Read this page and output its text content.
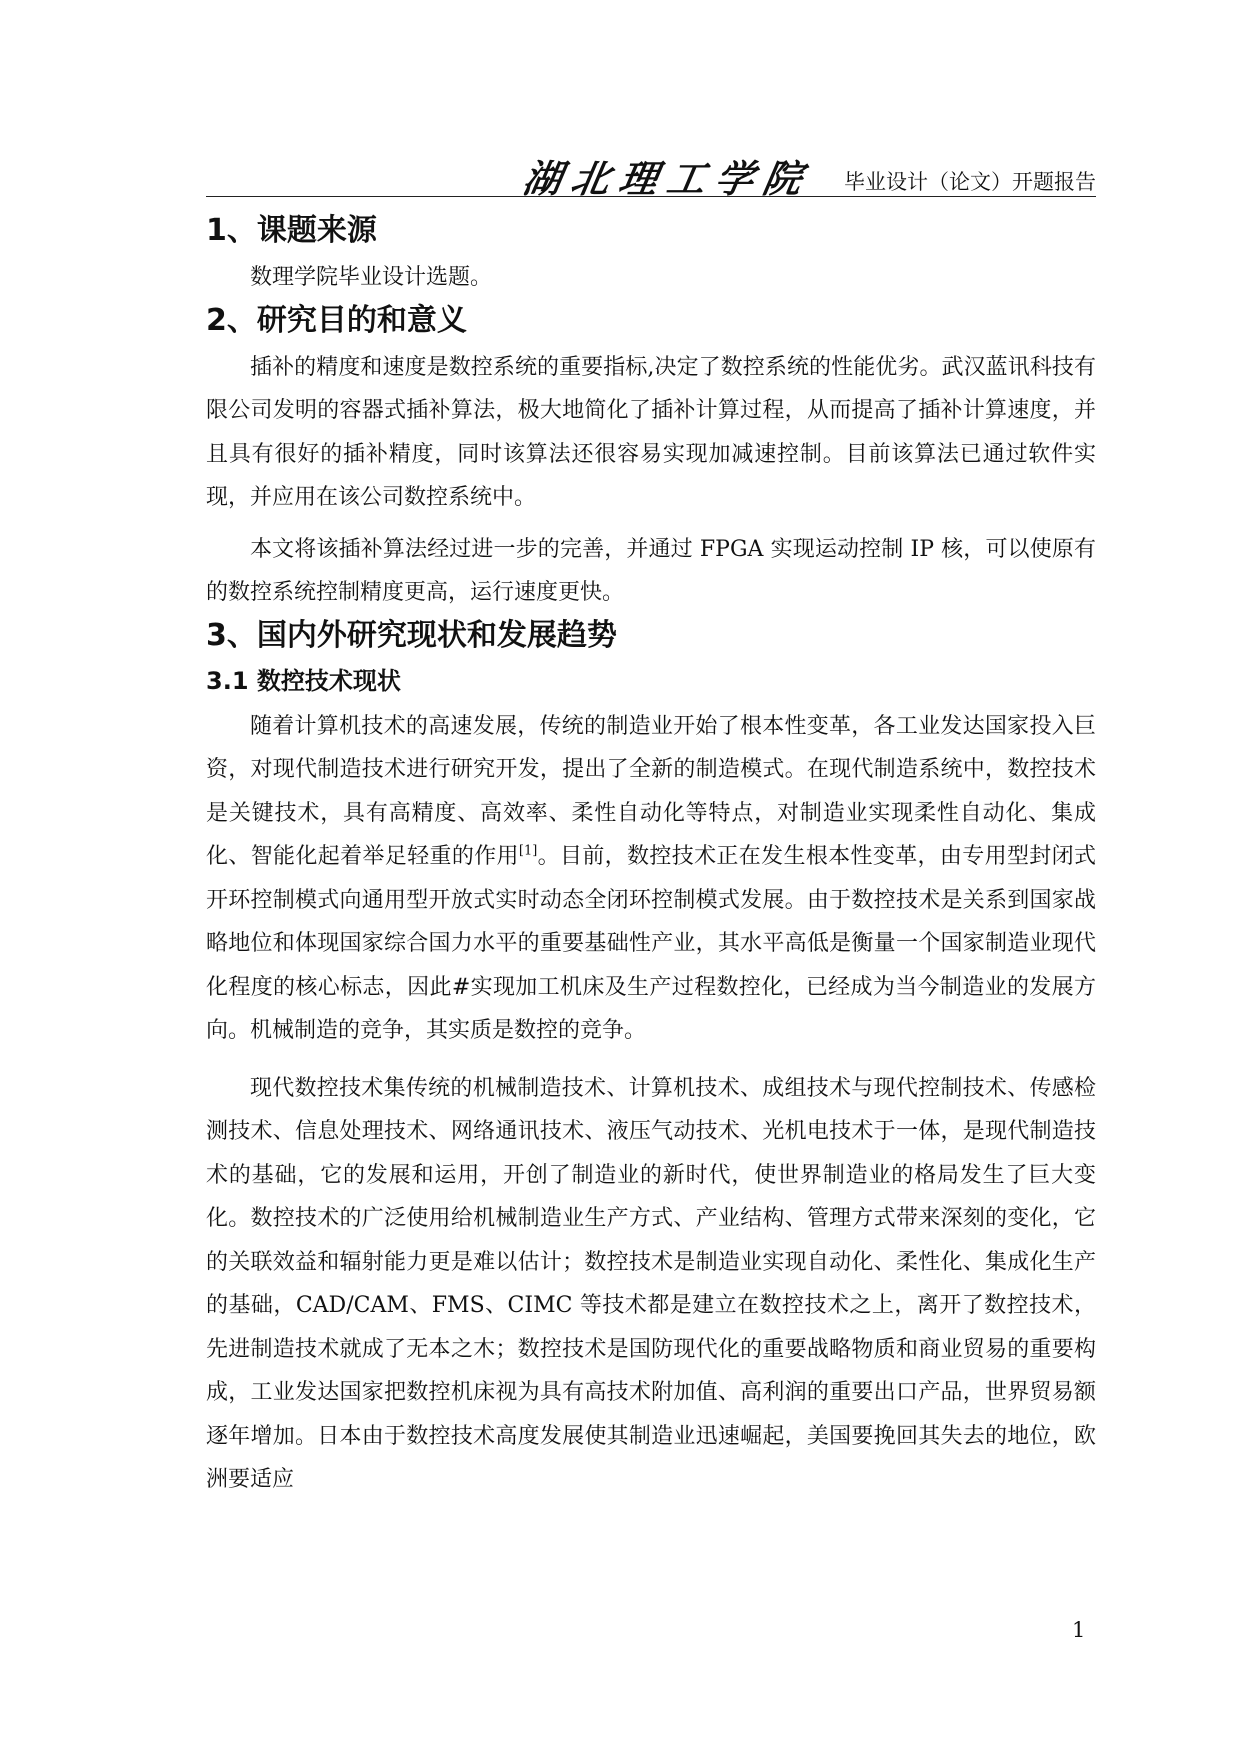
湖北理工学院 毕业设计（论文）开题报告
1、课题来源

数理学院毕业设计选题。

2、研究目的和意义

插补的精度和速度是数控系统的重要指标,决定了数控系统的性能优劣。武汉蓝讯科技有限公司发明的容器式插补算法，极大地简化了插补计算过程，从而提高了插补计算速度，并且具有很好的插补精度，同时该算法还很容易实现加减速控制。目前该算法已通过软件实现，并应用在该公司数控系统中。

本文将该插补算法经过进一步的完善，并通过 FPGA 实现运动控制 IP 核，可以使原有的数控系统控制精度更高，运行速度更快。

3、国内外研究现状和发展趋势
3.1 数控技术现状

随着计算机技术的高速发展，传统的制造业开始了根本性变革，各工业发达国家投入巨资，对现代制造技术进行研究开发，提出了全新的制造模式。在现代制造系统中，数控技术是关键技术，具有高精度、高效率、柔性自动化等特点，对制造业实现柔性自动化、集成化、智能化起着举足轻重的作用[1]。目前，数控技术正在发生根本性变革，由专用型封闭式开环控制模式向通用型开放式实时动态全闭环控制模式发展。由于数控技术是关系到国家战略地位和体现国家综合国力水平的重要基础性产业，其水平高低是衡量一个国家制造业现代化程度的核心标志，因此#实现加工机床及生产过程数控化，已经成为当今制造业的发展方向。机械制造的竞争，其实质是数控的竞争。

现代数控技术集传统的机械制造技术、计算机技术、成组技术与现代控制技术、传感检测技术、信息处理技术、网络通讯技术、液压气动技术、光机电技术于一体，是现代制造技术的基础，它的发展和运用，开创了制造业的新时代，使世界制造业的格局发生了巨大变化。数控技术的广泛使用给机械制造业生产方式、产业结构、管理方式带来深刻的变化，它的关联效益和辐射能力更是难以估计；数控技术是制造业实现自动化、柔性化、集成化生产的基础，CAD/CAM、FMS、CIMC 等技术都是建立在数控技术之上，离开了数控技术，先进制造技术就成了无本之木；数控技术是国防现代化的重要战略物质和商业贸易的重要构成，工业发达国家把数控机床视为具有高技术附加值、高利润的重要出口产品，世界贸易额逐年增加。日本由于数控技术高度发展使其制造业迅速崛起，美国要挽回其失去的地位，欧洲要适应

1
